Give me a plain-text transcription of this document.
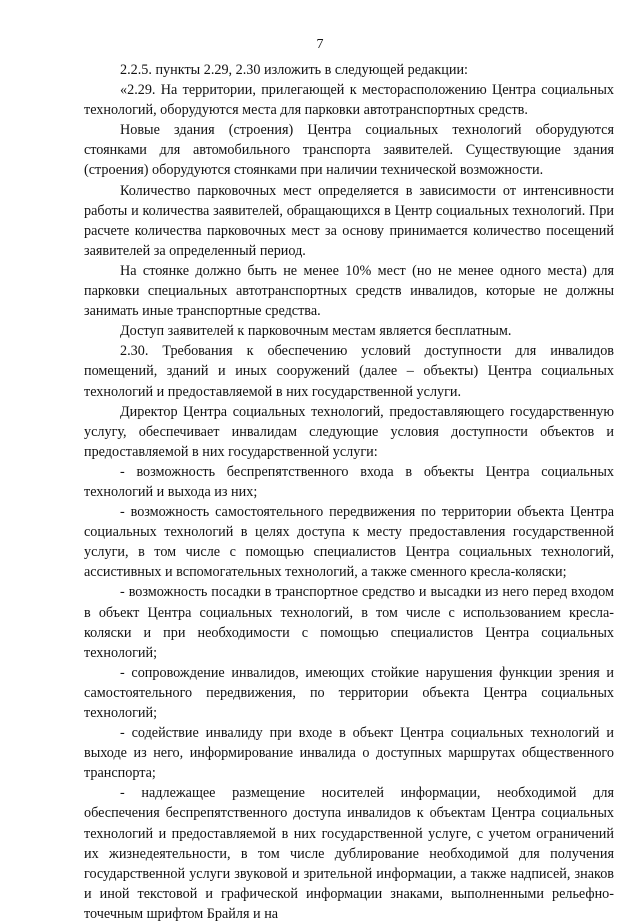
7

2.2.5. пункты 2.29, 2.30 изложить в следующей редакции:

«2.29. На территории, прилегающей к месторасположению Центра социальных технологий, оборудуются места для парковки автотранспортных средств.

Новые здания (строения) Центра социальных технологий оборудуются стоянками для автомобильного транспорта заявителей. Существующие здания (строения) оборудуются стоянками при наличии технической возможности.

Количество парковочных мест определяется в зависимости от интенсивности работы и количества заявителей, обращающихся в Центр социальных технологий. При расчете количества парковочных мест за основу принимается количество посещений заявителей за определенный период.

На стоянке должно быть не менее 10% мест (но не менее одного места) для парковки специальных автотранспортных средств инвалидов, которые не должны занимать иные транспортные средства.

Доступ заявителей к парковочным местам является бесплатным.

2.30. Требования к обеспечению условий доступности для инвалидов помещений, зданий и иных сооружений (далее – объекты) Центра социальных технологий и предоставляемой в них государственной услуги.

Директор Центра социальных технологий, предоставляющего государственную услугу, обеспечивает инвалидам следующие условия доступности объектов и предоставляемой в них государственной услуги:

- возможность беспрепятственного входа в объекты Центра социальных технологий и выхода из них;

- возможность самостоятельного передвижения по территории объекта Центра социальных технологий в целях доступа к месту предоставления государственной услуги, в том числе с помощью специалистов Центра социальных технологий, ассистивных и вспомогательных технологий, а также сменного кресла-коляски;

- возможность посадки в транспортное средство и высадки из него перед входом в объект Центра социальных технологий, в том числе с использованием кресла-коляски и при необходимости с помощью специалистов Центра социальных технологий;

- сопровождение инвалидов, имеющих стойкие нарушения функции зрения и самостоятельного передвижения, по территории объекта Центра социальных технологий;

- содействие инвалиду при входе в объект Центра социальных технологий и выходе из него, информирование инвалида о доступных маршрутах общественного транспорта;

- надлежащее размещение носителей информации, необходимой для обеспечения беспрепятственного доступа инвалидов к объектам Центра социальных технологий и предоставляемой в них государственной услуге, с учетом ограничений их жизнедеятельности, в том числе дублирование необходимой для получения государственной услуги звуковой и зрительной информации, а также надписей, знаков и иной текстовой и графической информации знаками, выполненными рельефно-точечным шрифтом Брайля и на
